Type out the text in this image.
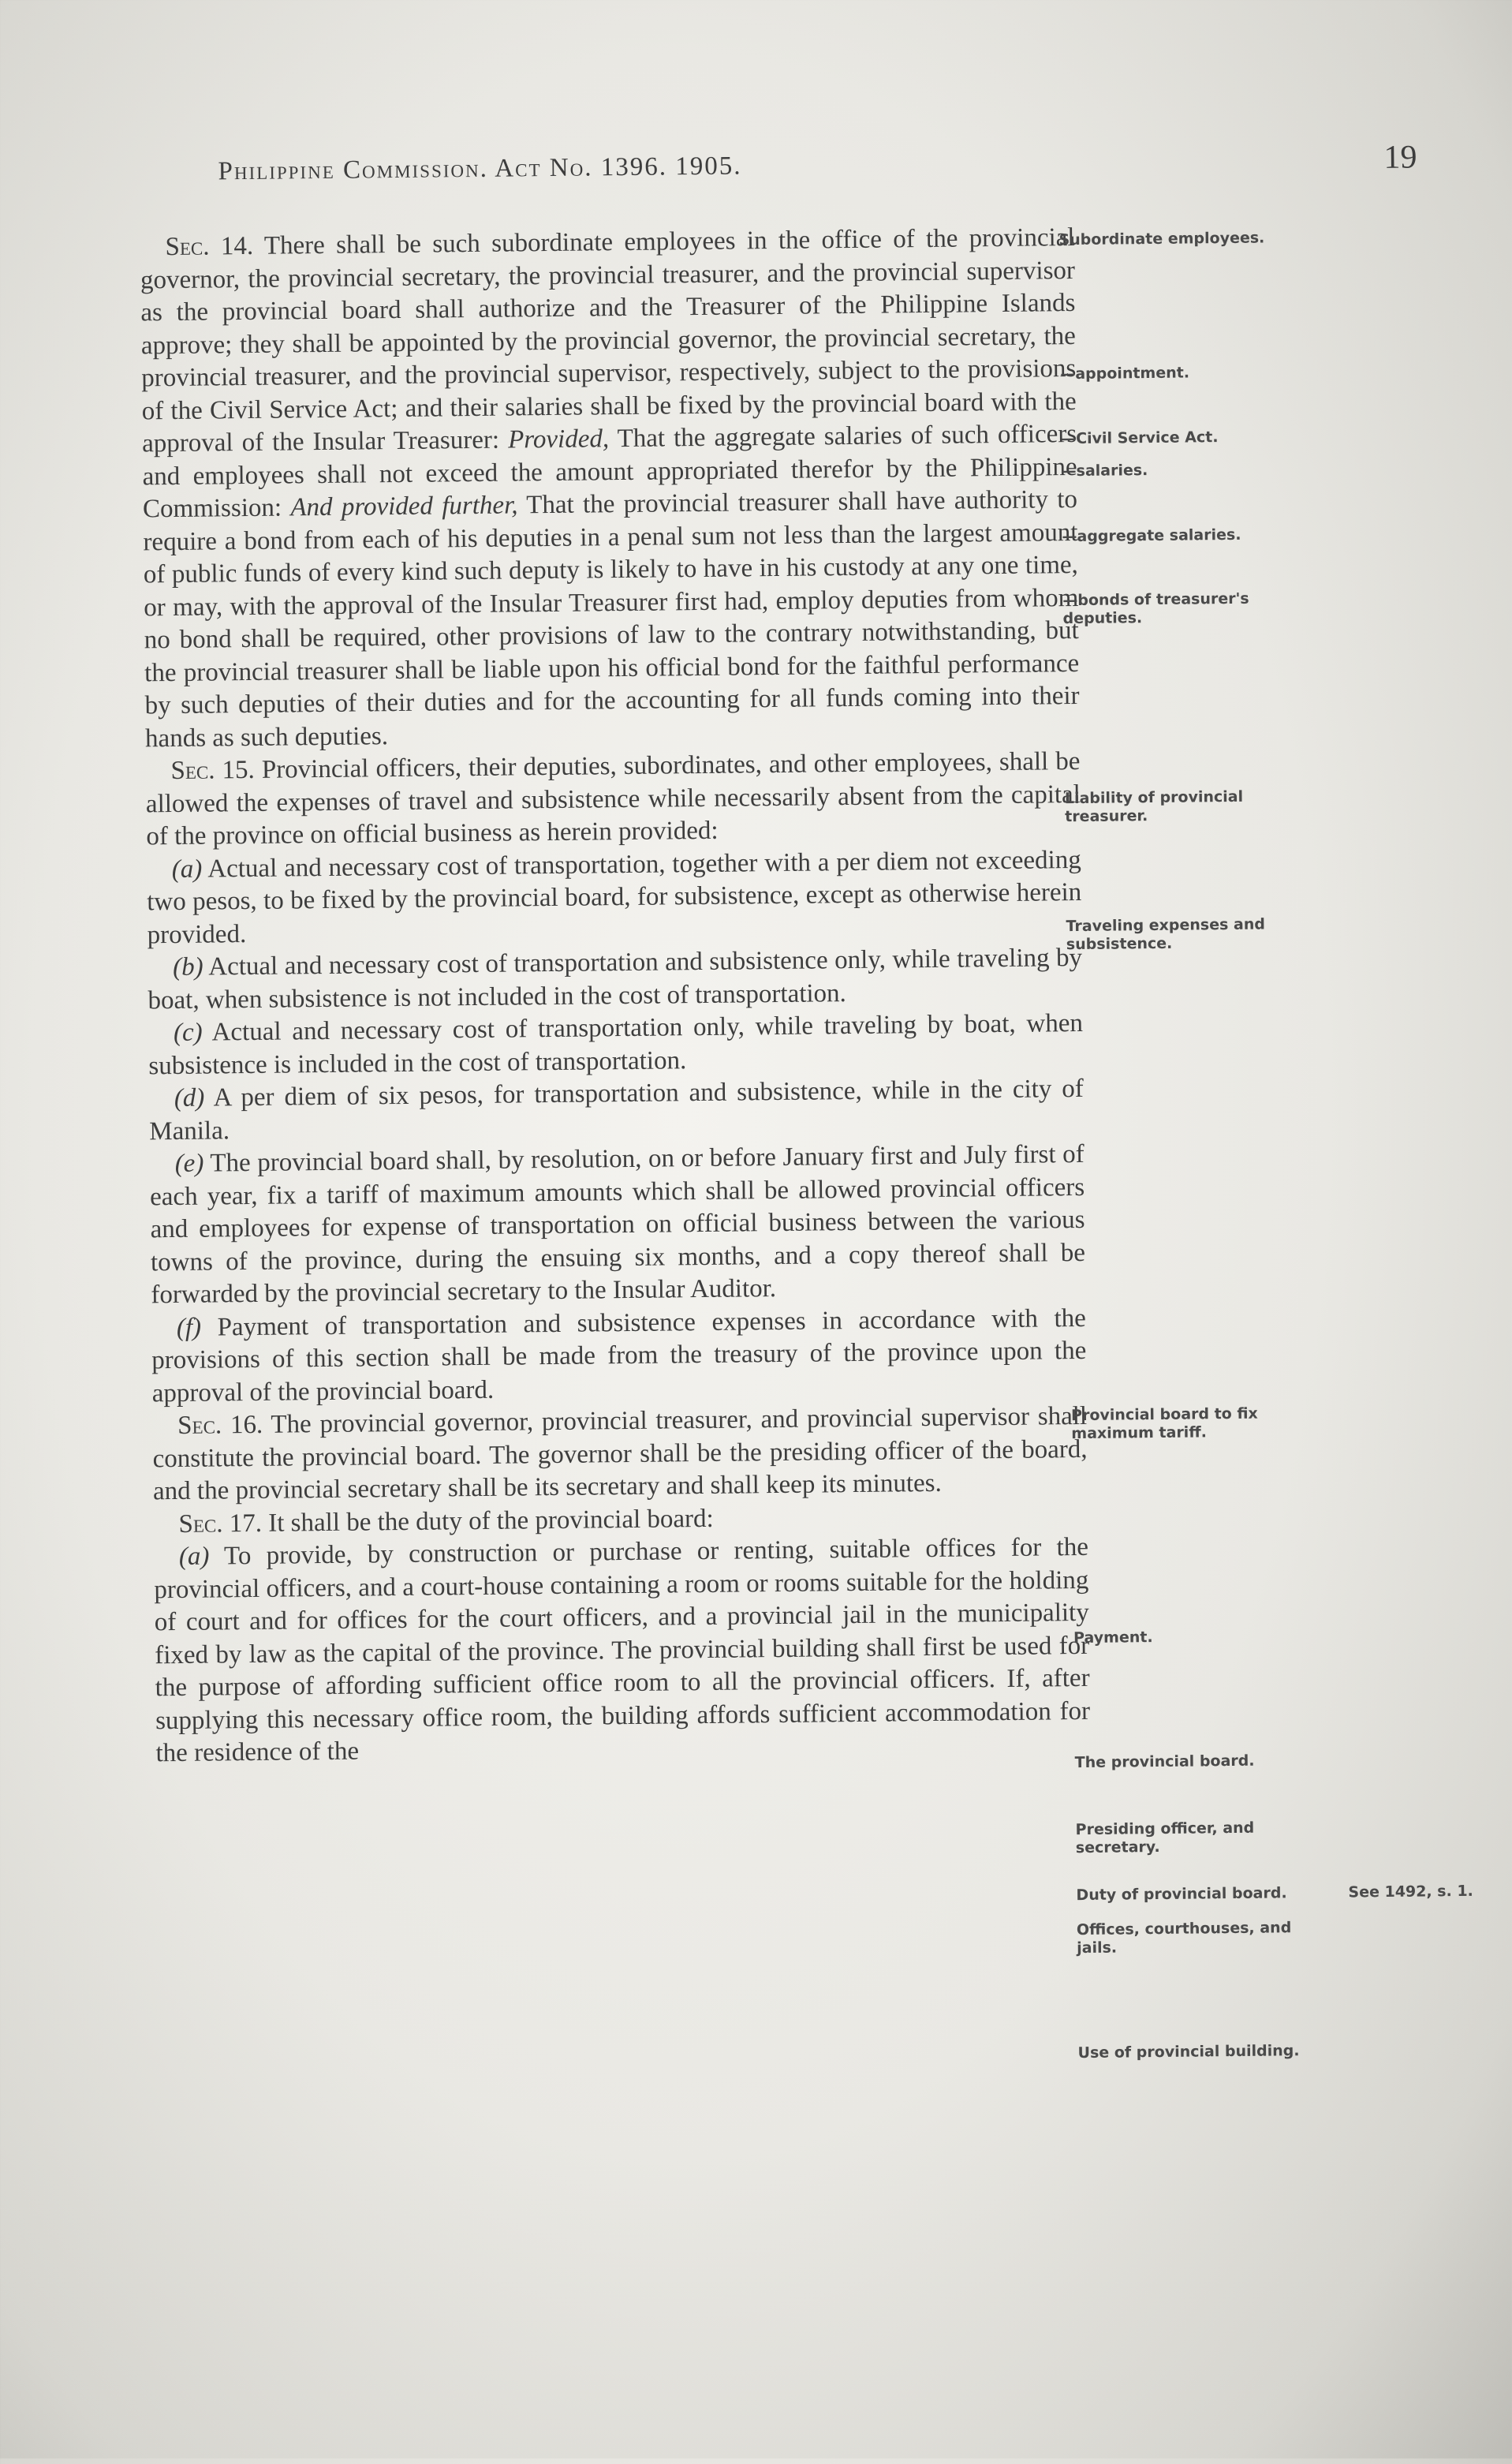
Philippine Commission. Act No. 1396. 1905.	19

Sec. 14. There shall be such subordinate employees in the office of the provincial governor, the provincial secretary, the provincial treasurer, and the provincial supervisor as the provincial board shall authorize and the Treasurer of the Philippine Islands approve; they shall be appointed by the provincial governor, the provincial secretary, the provincial treasurer, and the provincial supervisor, respectively, subject to the provisions of the Civil Service Act; and their salaries shall be fixed by the provincial board with the approval of the Insular Treasurer: Provided, That the aggregate salaries of such officers and employees shall not exceed the amount appropriated therefor by the Philippine Commission: And provided further, That the provincial treasurer shall have authority to require a bond from each of his deputies in a penal sum not less than the largest amount of public funds of every kind such deputy is likely to have in his custody at any one time, or may, with the approval of the Insular Treasurer first had, employ deputies from whom no bond shall be required, other provisions of law to the contrary notwithstanding, but the provincial treasurer shall be liable upon his official bond for the faithful performance by such deputies of their duties and for the accounting for all funds coming into their hands as such deputies.

Sec. 15. Provincial officers, their deputies, subordinates, and other employees, shall be allowed the expenses of travel and subsistence while necessarily absent from the capital of the province on official business as herein provided:

(a) Actual and necessary cost of transportation, together with a per diem not exceeding two pesos, to be fixed by the provincial board, for subsistence, except as otherwise herein provided.

(b) Actual and necessary cost of transportation and subsistence only, while traveling by boat, when subsistence is not included in the cost of transportation.

(c) Actual and necessary cost of transportation only, while traveling by boat, when subsistence is included in the cost of transportation.

(d) A per diem of six pesos, for transportation and subsistence, while in the city of Manila.

(e) The provincial board shall, by resolution, on or before January first and July first of each year, fix a tariff of maximum amounts which shall be allowed provincial officers and employees for expense of transportation on official business between the various towns of the province, during the ensuing six months, and a copy thereof shall be forwarded by the provincial secretary to the Insular Auditor.

(f) Payment of transportation and subsistence expenses in accordance with the provisions of this section shall be made from the treasury of the province upon the approval of the provincial board.

Sec. 16. The provincial governor, provincial treasurer, and provincial supervisor shall constitute the provincial board. The governor shall be the presiding officer of the board, and the provincial secretary shall be its secretary and shall keep its minutes.

Sec. 17. It shall be the duty of the provincial board:

(a) To provide, by construction or purchase or renting, suitable offices for the provincial officers, and a court-house containing a room or rooms suitable for the holding of court and for offices for the court officers, and a provincial jail in the municipality fixed by law as the capital of the province. The provincial building shall first be used for the purpose of affording sufficient office room to all the provincial officers. If, after supplying this necessary office room, the building affords sufficient accommodation for the residence of the

Subordinate employees.
—appointment.
—Civil Service Act.
—salaries.
—aggregate salaries.
—bonds of treasurer's deputies.
Liability of provincial treasurer.
Traveling expenses and subsistence.
Provincial board to fix maximum tariff.
Payment.
The provincial board.
Presiding officer, and secretary.
Duty of provincial board.
Offices, courthouses, and jails.
Use of provincial building.
See 1492, s. 1.
